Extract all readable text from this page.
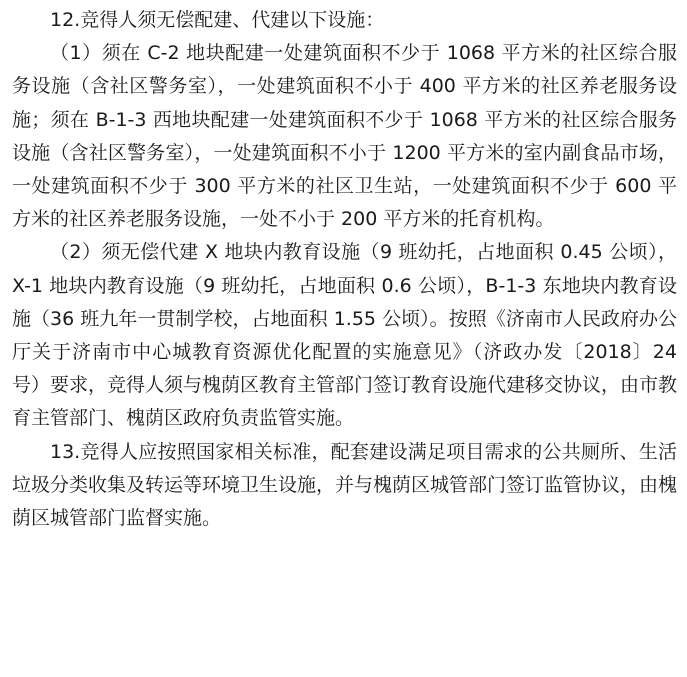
12.竞得人须无偿配建、代建以下设施：

（1）须在 C-2 地块配建一处建筑面积不少于 1068 平方米的社区综合服务设施（含社区警务室），一处建筑面积不小于 400 平方米的社区养老服务设施；须在 B-1-3 西地块配建一处建筑面积不少于 1068 平方米的社区综合服务设施（含社区警务室），一处建筑面积不小于 1200 平方米的室内副食品市场，一处建筑面积不少于 300 平方米的社区卫生站，一处建筑面积不少于 600 平方米的社区养老服务设施，一处不小于 200 平方米的托育机构。

（2）须无偿代建 X 地块内教育设施（9 班幼托，占地面积 0.45 公顷），X-1 地块内教育设施（9 班幼托，占地面积 0.6 公顷），B-1-3 东地块内教育设施（36 班九年一贯制学校，占地面积 1.55 公顷）。按照《济南市人民政府办公厅关于济南市中心城教育资源优化配置的实施意见》（济政办发〔2018〕24 号）要求，竞得人须与槐荫区教育主管部门签订教育设施代建移交协议，由市教育主管部门、槐荫区政府负责监管实施。

13.竞得人应按照国家相关标准，配套建设满足项目需求的公共厕所、生活垃圾分类收集及转运等环境卫生设施，并与槐荫区城管部门签订监管协议，由槐荫区城管部门监督实施。
